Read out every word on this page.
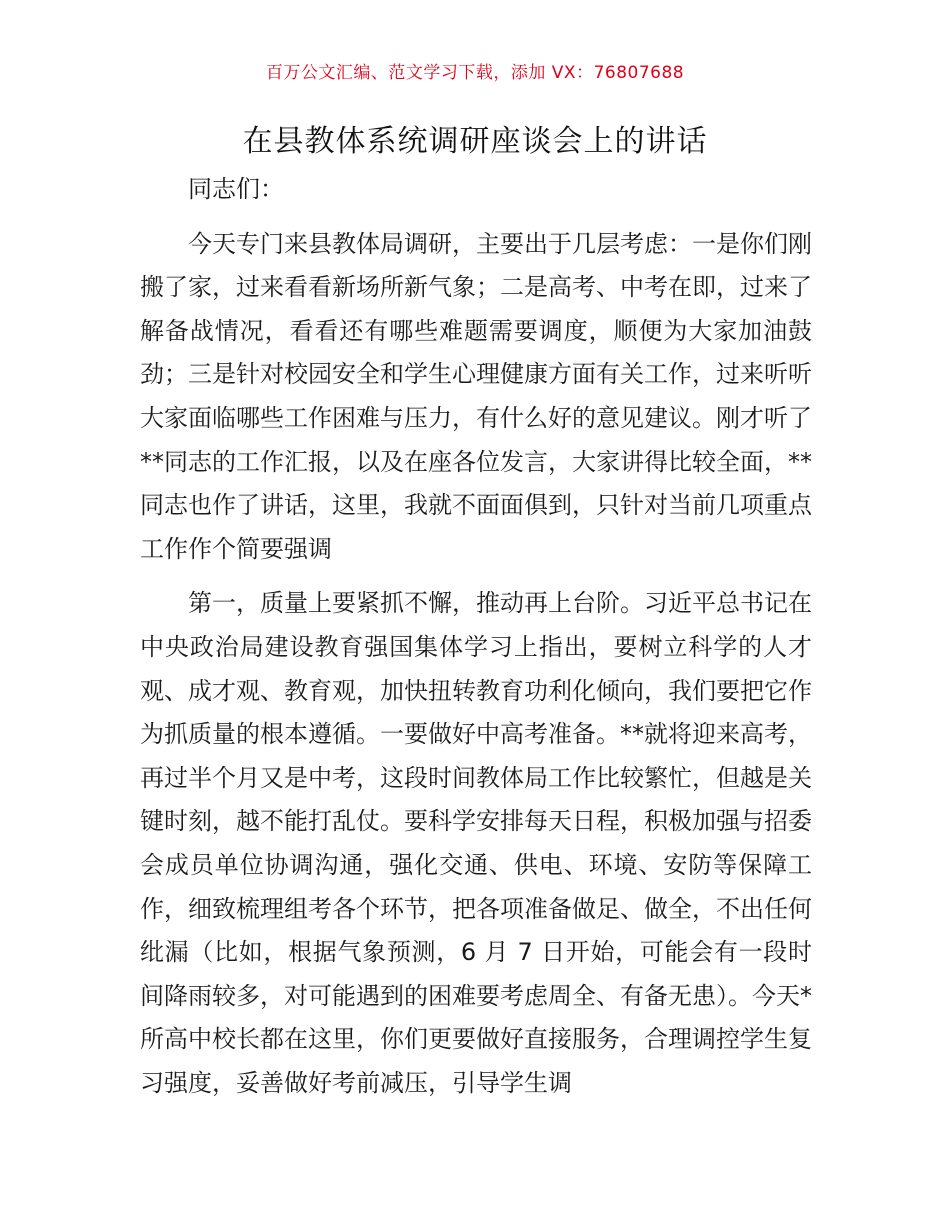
百万公文汇编、范文学习下载，添加 VX：76807688
在县教体系统调研座谈会上的讲话

同志们：

今天专门来县教体局调研，主要出于几层考虑：一是你们刚搬了家，过来看看新场所新气象；二是高考、中考在即，过来了解备战情况，看看还有哪些难题需要调度，顺便为大家加油鼓劲；三是针对校园安全和学生心理健康方面有关工作，过来听听大家面临哪些工作困难与压力，有什么好的意见建议。刚才听了**同志的工作汇报，以及在座各位发言，大家讲得比较全面，**同志也作了讲话，这里，我就不面面俱到，只针对当前几项重点工作作个简要强调

第一，质量上要紧抓不懈，推动再上台阶。习近平总书记在中央政治局建设教育强国集体学习上指出，要树立科学的人才观、成才观、教育观，加快扭转教育功利化倾向，我们要把它作为抓质量的根本遵循。一要做好中高考准备。**就将迎来高考，再过半个月又是中考，这段时间教体局工作比较繁忙，但越是关键时刻，越不能打乱仗。要科学安排每天日程，积极加强与招委会成员单位协调沟通，强化交通、供电、环境、安防等保障工作，细致梳理组考各个环节，把各项准备做足、做全，不出任何纰漏（比如，根据气象预测，6 月 7 日开始，可能会有一段时间降雨较多，对可能遇到的困难要考虑周全、有备无患）。今天*所高中校长都在这里，你们更要做好直接服务，合理调控学生复习强度，妥善做好考前减压，引导学生调
